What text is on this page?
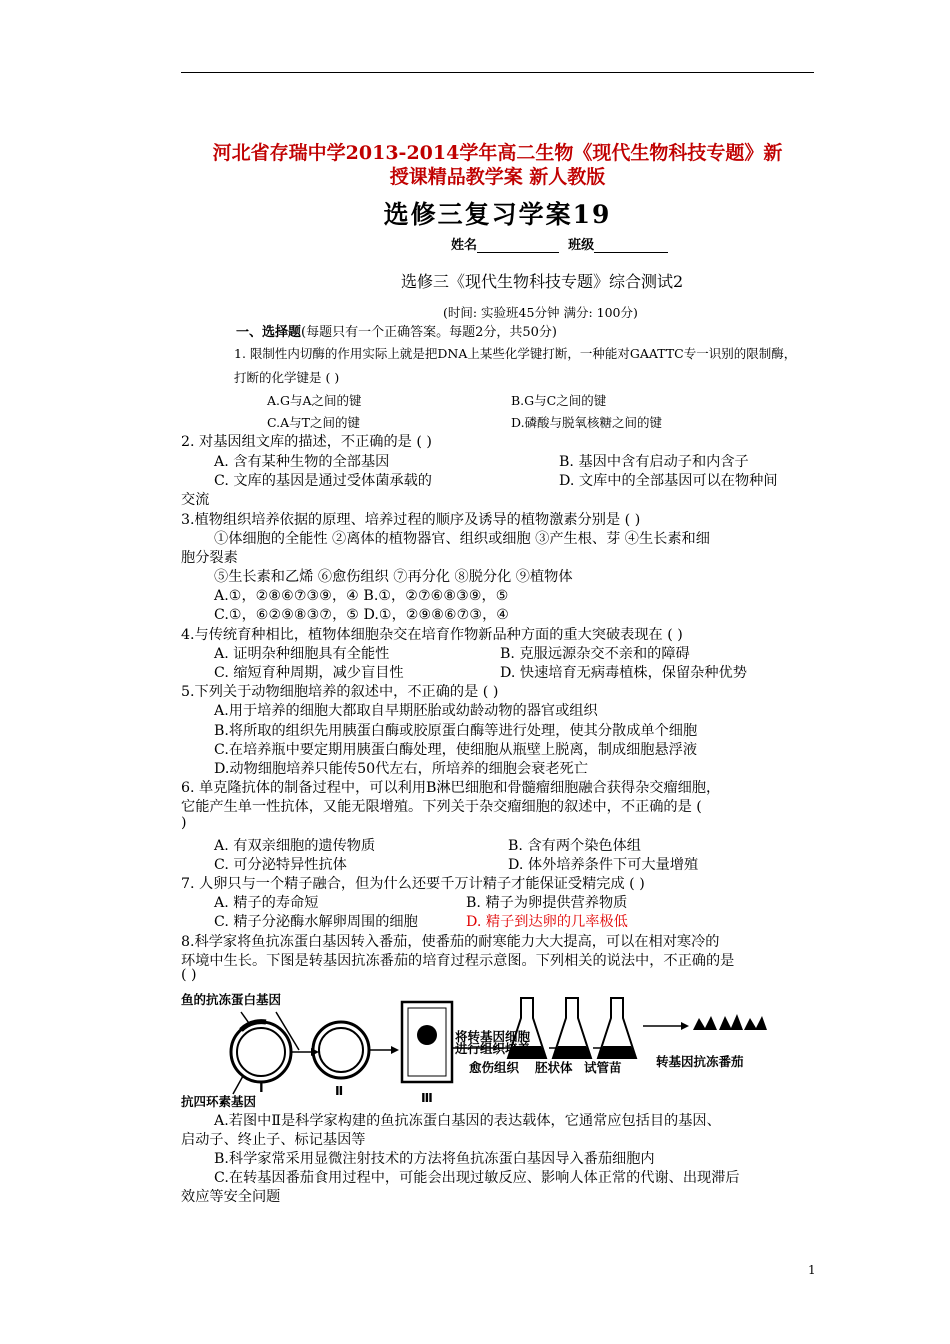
河北省存瑞中学2013-2014学年高二生物《现代生物科技专题》新
授课精品教学案 新人教版
选修三复习学案19
姓名	班级
选修三《现代生物科技专题》综合测试2
(时间: 实验班45分钟 满分: 100分)
一、选择题(每题只有一个正确答案。每题2分，共50分)
1. 限制性内切酶的作用实际上就是把DNA上某些化学键打断，一种能对GAATTC专一识别的限制酶，
打断的化学键是 ( )
A.G与A之间的键	B.G与C之间的键
C.A与T之间的键	D.磷酸与脱氧核糖之间的键
2. 对基因组文库的描述，不正确的是 ( )
A. 含有某种生物的全部基因	B. 基因中含有启动子和内含子
C. 文库的基因是通过受体菌承载的	D. 文库中的全部基因可以在物种间
交流
3.植物组织培养依据的原理、培养过程的顺序及诱导的植物激素分别是 ( )
①体细胞的全能性 ②离体的植物器官、组织或细胞 ③产生根、芽 ④生长素和细
胞分裂素
⑤生长素和乙烯 ⑥愈伤组织 ⑦再分化 ⑧脱分化 ⑨植物体
A.①，②⑧⑥⑦③⑨，④ B.①，②⑦⑥⑧③⑨，⑤
C.①，⑥②⑨⑧③⑦，⑤ D.①，②⑨⑧⑥⑦③，④
4.与传统育种相比，植物体细胞杂交在培育作物新品种方面的重大突破表现在 ( )
A. 证明杂种细胞具有全能性	B. 克服远源杂交不亲和的障碍
C. 缩短育种周期，减少盲目性	D. 快速培育无病毒植株，保留杂种优势
5.下列关于动物细胞培养的叙述中，不正确的是 ( )
A.用于培养的细胞大都取自早期胚胎或幼龄动物的器官或组织
B.将所取的组织先用胰蛋白酶或胶原蛋白酶等进行处理，使其分散成单个细胞
C.在培养瓶中要定期用胰蛋白酶处理，使细胞从瓶壁上脱离，制成细胞悬浮液
D.动物细胞培养只能传50代左右，所培养的细胞会衰老死亡
6. 单克隆抗体的制备过程中，可以利用B淋巴细胞和骨髓瘤细胞融合获得杂交瘤细胞，
它能产生单一性抗体，又能无限增殖。下列关于杂交瘤细胞的叙述中，不正确的是 (
)
A. 有双亲细胞的遗传物质	B. 含有两个染色体组
C. 可分泌特异性抗体	D. 体外培养条件下可大量增殖
7. 人卵只与一个精子融合，但为什么还要千万计精子才能保证受精完成 ( )
A. 精子的寿命短	B. 精子为卵提供营养物质
C. 精子分泌酶水解卵周围的细胞	D. 精子到达卵的几率极低
8.科学家将鱼抗冻蛋白基因转入番茄，使番茄的耐寒能力大大提高，可以在相对寒冷的
环境中生长。下图是转基因抗冻番茄的培育过程示意图。下列相关的说法中，不正确的是
( )
鱼的抗冻蛋白基因
Ⅰ	Ⅱ	Ⅲ
抗四环素基因
将转基因细胞
进行组织培养
愈伤组织 胚状体 试管苗	转基因抗冻番茄
A.若图中Ⅱ是科学家构建的鱼抗冻蛋白基因的表达载体，它通常应包括目的基因、
启动子、终止子、标记基因等
B.科学家常采用显微注射技术的方法将鱼抗冻蛋白基因导入番茄细胞内
C.在转基因番茄食用过程中，可能会出现过敏反应、影响人体正常的代谢、出现滞后
效应等安全问题
1
